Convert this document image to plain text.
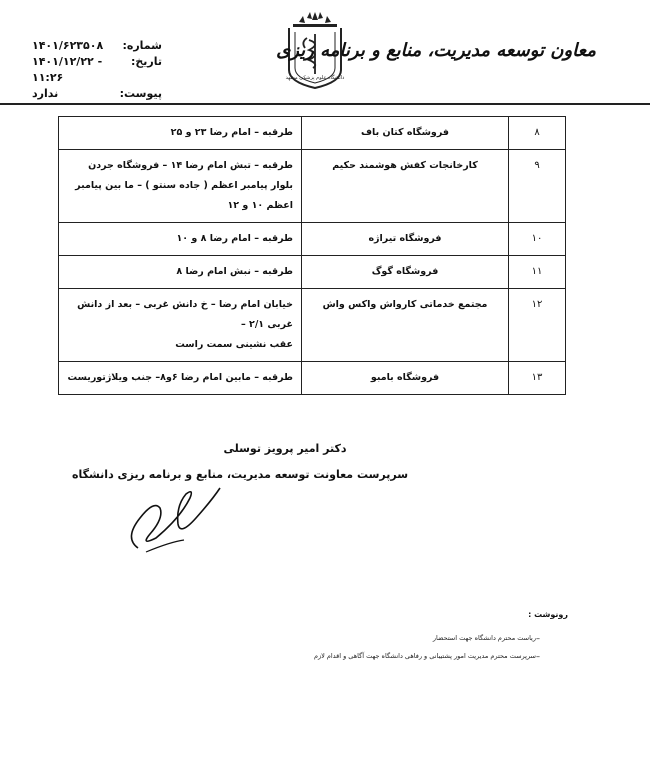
شماره:
۱۴۰۱/۶۲۳۵۰۸
تاریخ:
۱۴۰۱/۱۲/۲۲ - ۱۱:۲۶
پیوست:
ندارد
دانشگاه علوم پزشکی مشهد
معاون توسعه مدیریت، منابع و برنامه ریزی
۸	فروشگاه کتان باف	طرقبه – امام رضا ۲۳ و ۲۵

۹	کارخانجات کفش هوشمند حکیم	طرقبه – تبش امام رضا ۱۴ – فروشگاه جردن
بلوار پیامبر اعظم ( جاده سنتو ) – ما بین پیامبر اعظم ۱۰ و ۱۲

۱۰	فروشگاه تیراژه	طرقبه – امام رضا ۸ و ۱۰

۱۱	فروشگاه گوگ	طرقبه – نبش امام رضا ۸

۱۲	مجتمع خدماتی کارواش واکس واش	خیابان امام رضا – خ دانش غربی – بعد از دانش غربی ۲/۱ –
عقب نشینی سمت راست

۱۳	فروشگاه بامبو	طرقبه – مابین امام رضا ۶و۸– جنب ویلاژتوریست
دکتر امیر پرویز توسلی
سرپرست معاونت توسعه مدیریت، منابع و برنامه ریزی دانشگاه
رونوشت :
–
ریاست محترم دانشگاه جهت استحضار
–
سرپرست محترم مدیریت امور پشتیبانی و رفاهی دانشگاه جهت آگاهی و اقدام لازم
